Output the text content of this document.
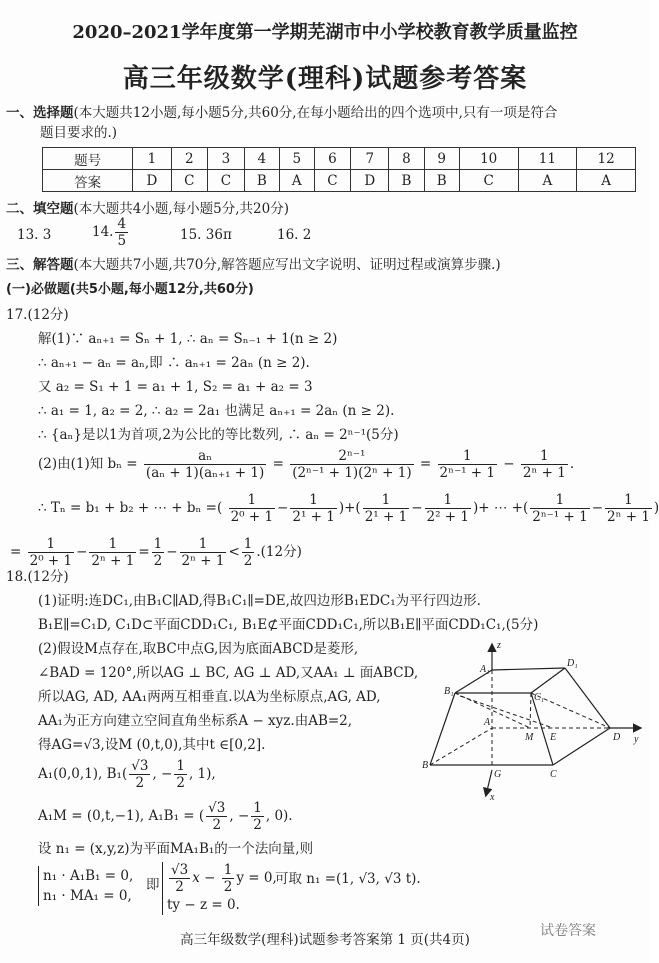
2020–2021学年度第一学期芜湖市中小学校教育教学质量监控
高三年级数学(理科)试题参考答案
一、选择题(本大题共12小题,每小题5分,共60分,在每小题给出的四个选项中,只有一项是符合
题目要求的.)
题号	1	2	3	4	5	6	7	8	9	10	11	12
答案	D	C	C	B	A	C	D	B	B	C	A	A
二、填空题(本大题共4小题,每小题5分,共20分)
13. 3	14. $\frac{4}{5}$	15. 36π	16. 2
三、解答题(本大题共7小题,共70分,解答题应写出文字说明、证明过程或演算步骤.)
(一)必做题(共5小题,每小题12分,共60分)
17.(12分)
解(1)∵ aₙ₊₁ = Sₙ + 1, ∴ aₙ = Sₙ₋₁ + 1(n ≥ 2)
∴ aₙ₊₁ − aₙ = aₙ,即 ∴ aₙ₊₁ = 2aₙ (n ≥ 2).
又 a₂ = S₁ + 1 = a₁ + 1, S₂ = a₁ + a₂ = 3
∴ a₁ = 1, a₂ = 2, ∴ a₂ = 2a₁ 也满足 aₙ₊₁ = 2aₙ (n ≥ 2).
∴ {aₙ}是以1为首项,2为公比的等比数列, ∴ aₙ = 2ⁿ⁻¹(5分)
(2)由(1)知 $b_n = \frac{\text{aₙ}}{\text{(aₙ + 1)(aₙ₊₁ + 1)}} = \frac{\text{2ⁿ⁻¹}}{\text{(2ⁿ⁻¹ + 1)(2ⁿ + 1)}} = \frac{1}{\text{2ⁿ⁻¹ + 1}} - \frac{1}{\text{2ⁿ + 1}}$ .
∴ Tₙ = b₁ + b₂ + ⋯ + bₙ =( $\frac{1}{\text{2⁰ + 1}} - \frac{1}{\text{2¹ + 1}}$ )+( $\frac{1}{\text{2¹ + 1}} - \frac{1}{\text{2² + 1}}$ )+ ⋯ +( $\frac{1}{\text{2ⁿ⁻¹ + 1}} - \frac{1}{\text{2ⁿ + 1}}$ )
= $\frac{1}{\text{2⁰ + 1}} - \frac{1}{\text{2ⁿ + 1}} = \frac{1}{2} - \frac{1}{\text{2ⁿ + 1}} < \frac{1}{2} .(12$分)
18.(12分)
(1)证明:连DC₁,由B₁C∥AD,得B₁C₁∥=DE,故四边形B₁EDC₁为平行四边形.
B₁E∥=C₁D, C₁D⊂平面CDD₁C₁, B₁E⊄平面CDD₁C₁,所以B₁E∥平面CDD₁C₁,(5分)
(2)假设M点存在,取BC中点G,因为底面ABCD是菱形,
∠BAD = 120°,所以AG ⊥ BC, AG ⊥ AD,又AA₁ ⊥ 面ABCD,
所以AG, AD, AA₁两两互相垂直.以A为坐标原点,AG, AD,
AA₁为正方向建立空间直角坐标系A − xyz.由AB=2,
得AG=√3,设M (0,t,0),其中t ∈[0,2].
A₁(0,0,1), $B_1( \frac{√3}{2}$ , − $\frac{1}{2}$ , 1),
A₁M = (0,t,−1), A₁B₁ = ( $\frac{√3}{2}$ , − $\frac{1}{2}$ , 0).
设 n₁ = (x,y,z)为平面MA₁B₁的一个法向量,则
n₁ · A₁B₁ = 0,
n₁ · MA₁ = 0,
即 $\frac{√3}{2}$ $x - \frac{1}{2}$ y = 0,
ty − z = 0.
可取 n₁ =(1, √3, √3 t).
z
y
x
A₁
D₁
B₁
C₁
A
M E	D
B
G	C
高三年级数学(理科)试题参考答案第 1 页(共4页)
试卷答案
